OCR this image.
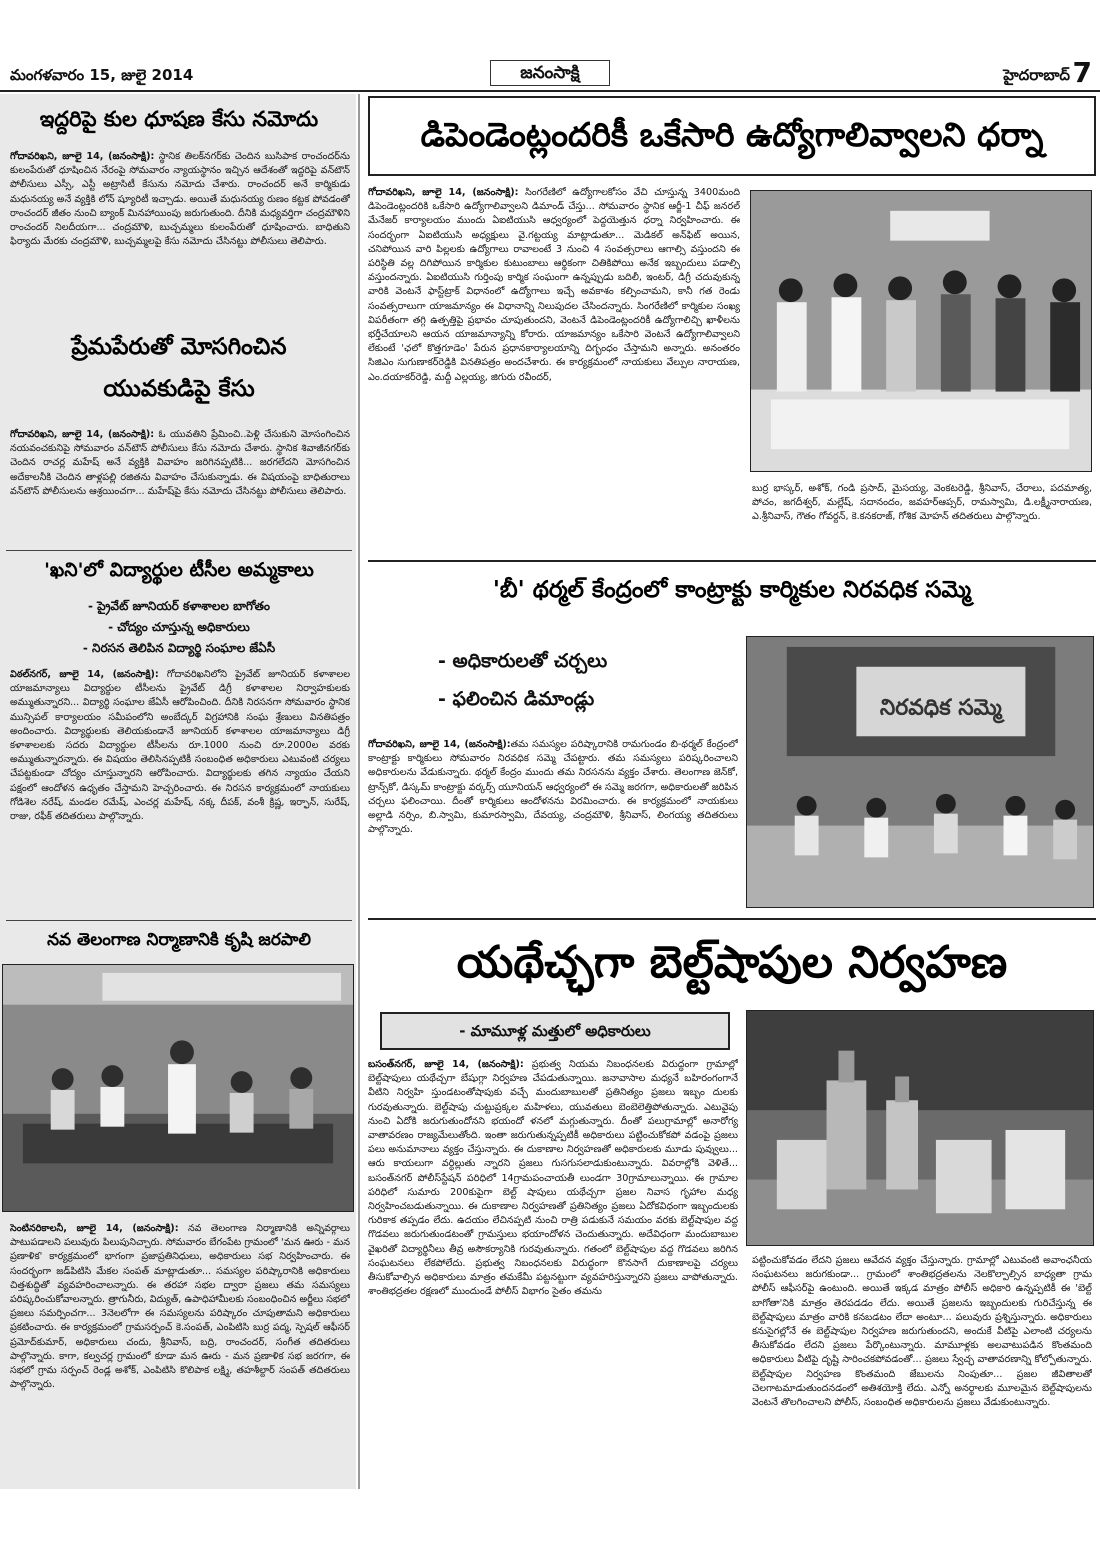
మంగళవారం 15, జులై 2014	జనంసాక్షి	హైదరాబాద్ 7
ఇద్దరిపై కుల ధూషణ కేసు నమోదు
గోదావరిఖని, జూలై 14, (జనంసాక్షి): స్థానిక తిలక్‌నగర్‌కు చెందిన బుసిపాక రాంచందర్‌ను కులంపేరుతో ధూషించిన నేరంపై సోమవారం న్యాయస్థానం ఇచ్చిన ఆదేశంతో ఇద్దరిపై వన్‌టౌన్ పోలీసులు ఎస్సీ, ఎస్టీ అట్రాసిటీ కేసును నమోదు చేశారు. రాంచందర్ అనే కార్మికుడు మధునయ్య అనే వ్యక్తికి లోన్ ష్యూరిటీ ఇచ్చాడు. అయితే మధునయ్య రుణం కట్టక పోవడంతో రాంచందర్ జీతం నుంచి బ్యాంక్ మినహాయింపు జరుగుతుంది. దీనికి మధ్యవర్తిగా చంద్రమౌళిని రాంచందర్ నిలదీయగా... చంద్రమౌళి, బుచ్చమ్మలు కులంపేరుతో ధూషించారు. బాధితుని ఫిర్యాదు మేరకు చంద్రమౌళి, బుచ్చమ్మలపై కేసు నమోదు చేసినట్టు పోలీసులు తెలిపారు.
ప్రేమపేరుతో మోసగించిన
యువకుడిపై కేసు
గోదావరిఖని, జూలై 14, (జనంసాక్షి): ఓ యువతిని ప్రేమించి..పెళ్లి చేసుకుని మోసంగించిన నయవంచకునిపై సోమవారం వన్‌టౌన్ పోలీసులు కేసు నమోదు చేశారు. స్థానిక శివాజీనగర్‌కు చెందిన రాచర్ల మహేష్ అనే వ్యక్తికి వివాహం జరిగినప్పటికి... జరగలేదని మోసగించిన అదేకాలనీకి చెందిన తాళ్లపల్లి రజితను వివాహం చేసుకున్నాడు. ఈ విషయంపై బాధితురాలు వన్‌టౌన్ పోలీసులను ఆశ్రయించగా... మహేష్‌పై కేసు నమోదు చేసినట్టు పోలీసులు తెలిపారు.
'ఖని'లో విద్యార్థుల టీసీల అమ్మకాలు
- ప్రైవేట్ జూనియర్ కళాశాలల బాగోతం
- చోద్యం చూస్తున్న అధికారులు
- నిరసన తెలిపిన విద్యార్థి సంఘాల జేఏసీ
విఠల్‌నగర్, జూలై 14, (జనంసాక్షి): గోదావరిఖనిలోని ప్రైవేట్ జూనియర్ కళాశాలల యాజమాన్యాలు విద్యార్థుల టీసీలను ప్రైవేట్ డిగ్రీ కళాశాలల నిర్వాహకులకు అమ్ముతున్నారని... విద్యార్థి సంఘాల జేఏసీ ఆరోపించింది. దీనికి నిరసనగా సోమవారం స్థానిక మున్సిపల్ కార్యాలయం సమీపంలోని అంబేద్కర్ విగ్రహానికి సంఘ శ్రేణులు వినతిపత్రం అందించారు. విద్యార్థులకు తెలియకుండానే జూనియర్ కళాశాలల యాజమాన్యాలు డిగ్రీ కళాశాలలకు సదరు విద్యార్థుల టీసీలను రూ.1000 నుంచి రూ.2000ల వరకు అమ్ముతున్నారన్నారు. ఈ విషయం తెలిసినప్పటికీ సంబంధిత అధికారులు ఎటువంటి చర్యలు చేపట్టకుండా చోద్యం చూస్తున్నారని ఆరోపించారు. విద్యార్థులకు తగిన న్యాయం చేయని పక్షంలో ఆందోళన ఉధృతం చేస్తామని హెచ్చరించారు. ఈ నిరసన కార్యక్రమంలో నాయకులు గోడిశెల నరేష్, మండల రమేష్, ఎంచర్ల మహేష్, నక్క దీపక్, వంశీ క్రిష్ణ, ఇర్ఫాన్, సురేష్, రాజు, రఫీక్ తదితరులు పాల్గొన్నారు.
నవ తెలంగాణ నిర్మాణానికి కృషి జరపాలి
సెంటినరికాలనీ, జూలై 14, (జనంసాక్షి): నవ తెలంగాణ నిర్మాణానికి అన్నివర్గాలు పాటుపడాలని పలువురు పిలుపునిచ్చారు. సోమవారం బేగంపేట గ్రామంలో 'మన ఊరు - మన ప్రణాళిక' కార్యక్రమంలో భాగంగా ప్రజాప్రతినిధులు, అధికారులు సభ నిర్వహించారు. ఈ సందర్భంగా జడ్‌పిటిసి మేకల సంపత్ మాట్లాడుతూ... సమస్యల పరిష్కారానికి అధికారులు చిత్తశుద్ధితో వ్యవహరించాలన్నారు. ఈ తరహా సభల ద్వారా ప్రజలు తమ సమస్యలు పరిష్కరించుకోవాలన్నారు. త్రాగునీరు, విద్యుత్, ఉపాధిహామీలకు సంబంధించిన అర్జీలు సభలో ప్రజలు సమర్పించగా... 3నెలలోగా ఈ సమస్యలను పరిష్కారం చూపుతామని అధికారులు ప్రకటించారు. ఈ కార్యక్రమంలో గ్రామసర్పంచ్ కె.సంపత్, ఎంపిటిసి బుర్ర పద్మ, స్పెషల్ ఆఫీసర్ ప్రమోద్‌కుమార్, అధికారులు చందు, శ్రీనివాస్, బద్రి, రాంచందర్, సంగీత తదితరులు పాల్గొన్నారు. కాగా, కల్వచర్ల గ్రామంలో కూడా మన ఊరు - మన ప్రణాళిక సభ జరగగా, ఈ సభలో గ్రామ సర్పంచ్ రెండ్ల అశోక్, ఎంపిటిసి కొలిపాక లక్ష్మి, తహశీల్దార్ సంపత్ తదితరులు పాల్గొన్నారు.
డిపెండెంట్లందరికీ ఒకేసారి ఉద్యోగాలివ్వాలని ధర్నా
గోదావరిఖని, జూలై 14, (జనంసాక్షి): సింగరేణిలో ఉద్యోగాలకోసం వేచి చూస్తున్న 3400మంది డిపెండెంట్లందరికి ఒకేసారి ఉద్యోగాలివ్వాలని డిమాండ్ చేస్తు... సోమవారం స్థానిక ఆర్జీ-1 చీఫ్ జనరల్ మేనేజర్ కార్యాలయం ముందు ఏఐటియుసి ఆధ్వర్యంలో పెద్దయెత్తున ధర్నా నిర్వహించారు. ఈ సందర్భంగా ఏఐటియుసి అధ్యక్షులు వై.గట్టయ్య మాట్లాడుతూ... మెడికల్ అన్‌ఫిట్ అయిన, చనిపోయిన వారి పిల్లలకు ఉద్యోగాలు రావాలంటే 3 నుంచి 4 సంవత్సరాలు ఆగాల్సి వస్తుందని ఈ పరిస్థితి వల్ల దిగిపోయిన కార్మికుల కుటుంబాలు ఆర్థికంగా చితికిపోయి అనేక ఇబ్బందులు పడాల్సి వస్తుందన్నారు. ఏఐటియుసి గుర్తింపు కార్మిక సంఘంగా ఉన్నప్పుడు బదిలీ, ఇంటర్, డిగ్రీ చదువుకున్న వారికి వెంటనే ఫాస్ట్‌ట్రాక్ విధానంలో ఉద్యోగాలు ఇచ్చే అవకాశం కల్పించామని, కానీ గత రెండు సంవత్సరాలుగా యాజమాన్యం ఈ విధానాన్ని నిలుపుదల చేసిందన్నారు. సింగరేణిలో కార్మికుల సంఖ్య విపరీతంగా తగ్గి ఉత్పత్తిపై ప్రభావం చూపుతుందని, వెంటనే డిపెండెంట్లందరికీ ఉద్యోగాలిచ్చి ఖాళీలను భర్తీచేయాలని ఆయన యాజమాన్యాన్ని కోరారు. యాజమాన్యం ఒకేసారి వెంటనే ఉద్యోగాలివ్వాలని లేకుంటే 'ఛలో కొత్తగూడెం' పేరున ప్రధానకార్యాలయాన్ని దిగ్భంధం చేస్తామని అన్నారు. అనంతరం సిజిఎం సుగుణాకర్‌రెడ్డికి వినతిపత్రం అందచేశారు. ఈ కార్యక్రమంలో నాయకులు వేల్పుల నారాయణ, ఎం.దయాకర్‌రెడ్డి, మద్దీ ఎల్లయ్య, జిగురు రవీందర్,
బుర్ర భాస్కర్, అశోక్, గండి ప్రసాద్, మైసయ్య, వెంకటరెడ్డి, శ్రీనివాస్, చేరాలు, పదమాత్య, పోచం, జగదీశ్వర్, మల్లేష్, సదానందం, జవహర్‌ఆప్సర్, రామస్వామి, డి.లక్ష్మీనారాయణ, ఎ.శ్రీనివాస్, గౌతం గోవర్దన్, కె.కనకరాజ్, గోశిక మోహన్ తదితరులు పాల్గొన్నారు.
'బీ' థర్మల్ కేంద్రంలో కాంట్రాక్టు కార్మికుల నిరవధిక సమ్మె
- అధికారులతో చర్చలు
- ఫలించిన డిమాండ్లు
గోదావరిఖని, జూలై 14, (జనంసాక్షి):తమ సమస్యల పరిష్కారానికి రామగుండం బి-థర్మల్ కేంద్రంలో కాంట్రాక్టు కార్మికులు సోమవారం నిరవధిక సమ్మె చేపట్టారు. తమ సమస్యలు పరిష్కరించాలని అధికారులను వేడుకున్నారు. థర్మల్ కేంద్రం ముందు తమ నిరసనను వ్యక్తం చేశారు. తెలంగాణ జెన్‌కో, ట్రాన్స్‌కో, డిస్కమ్ కాంట్రాక్టు వర్కర్స్ యూనియన్ ఆధ్వర్యంలో ఈ సమ్మె జరగగా, అధికారులతో జరిపిన చర్చలు ఫలించాయి. దీంతో కార్మికులు ఆందోళనను విరమించారు. ఈ కార్యక్రమంలో నాయకులు అల్లాడి నర్సిం, బి.స్వామి, కుమారస్వామి, దేవయ్య, చంద్రమౌళి, శ్రీనివాస్, లింగయ్య తదితరులు పాల్గొన్నారు.
నిరవధిక సమ్మె
యథేచ్ఛగా బెల్ట్‌షాపుల నిర్వహణ
- మామూళ్ల మత్తులో అధికారులు
బసంత్‌నగర్, జూలై 14, (జనంసాక్షి): ప్రభుత్వ నియమ నిబంధనలకు విరుద్ధంగా గ్రామాల్లో బెల్ట్‌షాపులు యథేచ్చగా బేషుగ్గా నిర్వహణ చేపడుతున్నాయి. జనావాసాల మధ్యనే బహిరంగంగానే వీటిని నిర్వహి స్తుండటంతోషాపుకు వచ్చే మందుబాబులతో ప్రతినిత్యం ప్రజలు ఇబ్బం దులకు గురవుతున్నారు. బెల్ట్‌షాపు చుట్టుప్రక్కల మహిళలు, యువతులు బెంబెలెత్తిపోతున్నారు. ఎటువైపు నుంచి ఏదోకి జరుగుతుందోనని భయందో ళనలో మగ్గుతున్నారు. దీంతో పలుగ్రామాల్లో అనారోగ్య వాతావరణం రాజ్యమేలుతోంది. ఇంతా జరుగుతున్నప్పటికీ అధికారులు పట్టించుకోకపో వడంపై ప్రజలు పలు అనుమానాలు వ్యక్తం చేస్తున్నారు. ఈ దుకాణాల నిర్వహణతో అధికారులకు మూడు పువ్వులు... ఆరు కాయలుగా వర్ధిల్లుతు న్నారని ప్రజలు గుసగుసలాడుకుంటున్నారు. వివరాల్లోకి వెళితే... బసంత్‌నగర్ పోలీస్‌స్టేషన్ పరిధిలో 14గ్రామపంచాయతీ లుండగా 30గ్రామాలున్నాయి. ఈ గ్రామాల పరిధిలో సుమారు 200కుపైగా బెల్ట్ షాపులు యథేచ్చగా ప్రజల నివాస గృహాల మధ్య నిర్వహించబడుతున్నాయి. ఈ దుకాణాల నిర్వహణతో ప్రతినిత్యం ప్రజలు ఏదోకవిధంగా ఇబ్బందులకు గురికాక తప్పడం లేదు. ఉదయం లేచినప్పటి నుంచి రాత్రి పడుకునే సమయం వరకు బెల్ట్‌షాపుల వద్ద గొడవలు జరుగుతుండటంతో గ్రామస్తులు భయాందోళన చెందుతున్నారు. అదేవిధంగా మందుబాబుల వైఖరితో విద్యార్థినీలు తీవ్ర అసౌకర్యానికి గురవుతున్నారు. గతంలో బెల్ట్‌షాపుల వద్ద గొడవలు జరిగిన సంఘటనలు లేకపోలేదు. ప్రభుత్వ నిబంధనలకు విరుద్ధంగా కొనసాగే దుకాణాలపై చర్యలు తీసుకోవాల్సిన అధికారులు మాత్రం తమకేమీ పట్టనట్టుగా వ్యవహరిస్తున్నారని ప్రజలు వాపోతున్నారు. శాంతిభద్రతల రక్షణలో ముందుండే పోలీస్ విభాగం సైతం తమను
పట్టించుకోవడం లేదని ప్రజలు ఆవేదన వ్యక్తం చేస్తున్నారు. గ్రామాల్లో ఎటువంటి అవాంఛనీయ సంఘటనలు జరుగకుండా... గ్రామంలో శాంతిభద్రతలను నెలకొల్పాల్సిన బాధ్యతా గ్రామ పోలీస్ ఆఫీసర్‌పై ఉంటుంది. అయితే ఇక్కడ మాత్రం పోలీస్ అధికారి ఉన్నప్పటికీ ఈ 'బెల్ట్ బాగోతా'నికి మాత్రం తెరపడడం లేదు. అయితే ప్రజలను ఇబ్బందులకు గురిచేస్తున్న ఈ బెల్ట్‌షాపులు మాత్రం వారికి కనబడటం లేదా అంటూ... పలువురు ప్రశ్నిస్తున్నారు. అధికారులు కనుసైగల్లోనే ఈ బెల్ట్‌షాపుల నిర్వహణ జరుగుతుందని, అందుకే వీటిపై ఎలాంటి చర్యలను తీసుకోవడం లేదని ప్రజలు పేర్కొంటున్నారు. మామూళ్లకు అలవాటుపడిన కొంతమంది అధికారులు వీటిపై దృష్టి సారించకపోవడంతో... ప్రజలు స్వేచ్ఛ వాతావరణాన్ని కోల్పోతున్నారు. బెల్ట్‌షాపుల నిర్వహణ కొంతమంది జేబులను నింపుతూ... ప్రజల జీవితాలతో చెలగాటమాడుతుందనడంలో అతిశయోక్తి లేదు. ఎన్నో అనర్థాలకు మూలమైన బెల్ట్‌షాపులను వెంటనే తొలగించాలని పోలీస్, సంబంధిత అధికారులను ప్రజలు వేడుకుంటున్నారు.
